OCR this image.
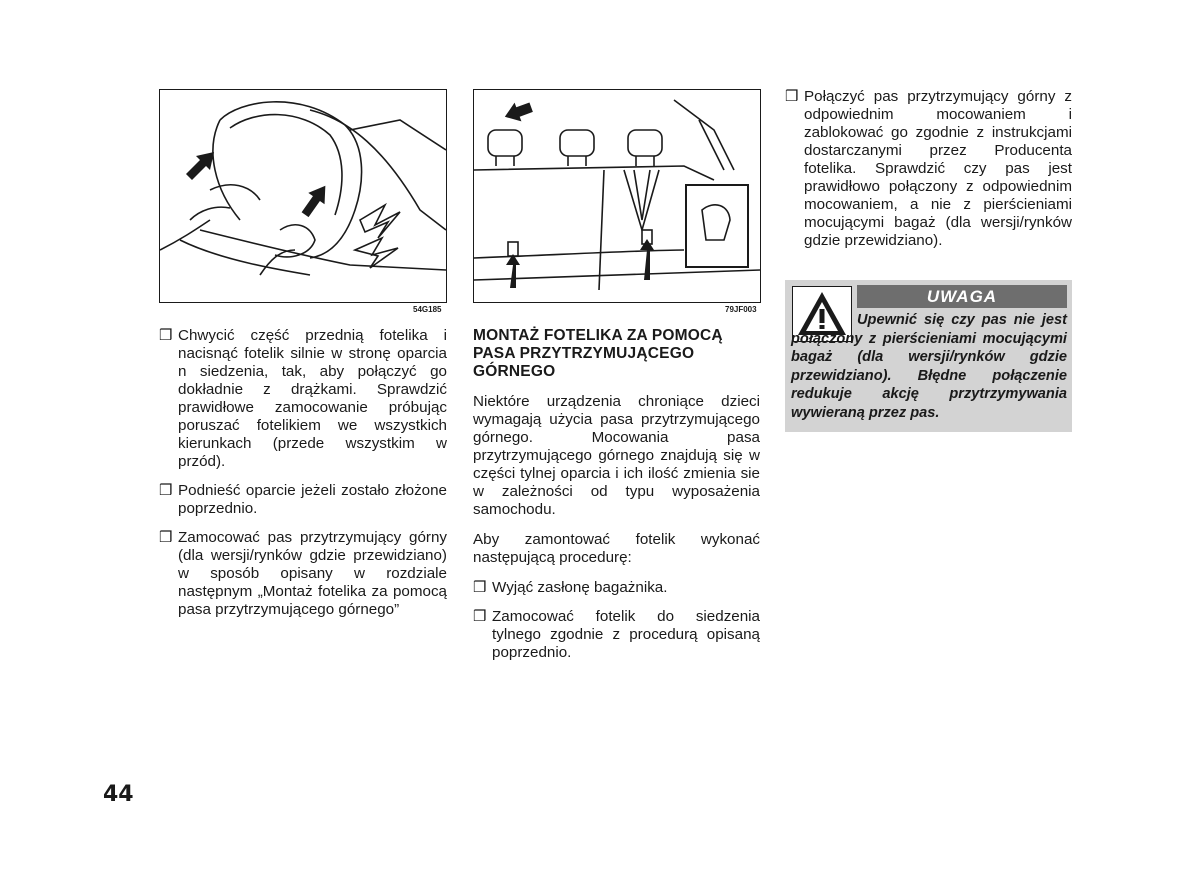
54G185	79JF003
❒ Chwycić część przednią fotelika i nacisnąć fotelik silnie w stronę oparcia n siedzenia, tak, aby połączyć go dokładnie z drążkami. Sprawdzić prawidłowe zamocowanie próbując poruszać fotelikiem we wszystkich kierunkach (przede wszystkim w przód).
❒ Podnieść oparcie jeżeli zostało złożone poprzednio.
❒ Zamocować pas przytrzymujący górny (dla wersji/rynków gdzie przewidziano) w sposób opisany w rozdziale następnym „Montaż fotelika za pomocą pasa przytrzymującego górnego”
MONTAŻ FOTELIKA ZA POMOCĄ PASA PRZYTRZYMUJĄCEGO GÓRNEGO

Niektóre urządzenia chroniące dzieci wymagają użycia pasa przytrzymującego górnego. Mocowania pasa przytrzymującego górnego znajdują się w części tylnej oparcia i ich ilość zmienia sie w zależności od typu wyposażenia samochodu.

Aby zamontować fotelik wykonać następującą procedurę:

❒ Wyjąć zasłonę bagażnika.
❒ Zamocować fotelik do siedzenia tylnego zgodnie z procedurą opisaną poprzednio.
❒ Połączyć pas przytrzymujący górny z odpowiednim mocowaniem i zablokować go zgodnie z instrukcjami dostarczanymi przez Producenta fotelika. Sprawdzić czy pas jest prawidłowo połączony z odpowiednim mocowaniem, a nie z pierścieniami mocującymi bagaż (dla wersji/rynków gdzie przewidziano).
UWAGA
Upewnić się czy pas nie jest połączony z pierścieniami mocującymi bagaż (dla wersji/rynków gdzie przewidziano). Błędne połączenie redukuje akcję przytrzymywania wywieraną przez pas.
44
